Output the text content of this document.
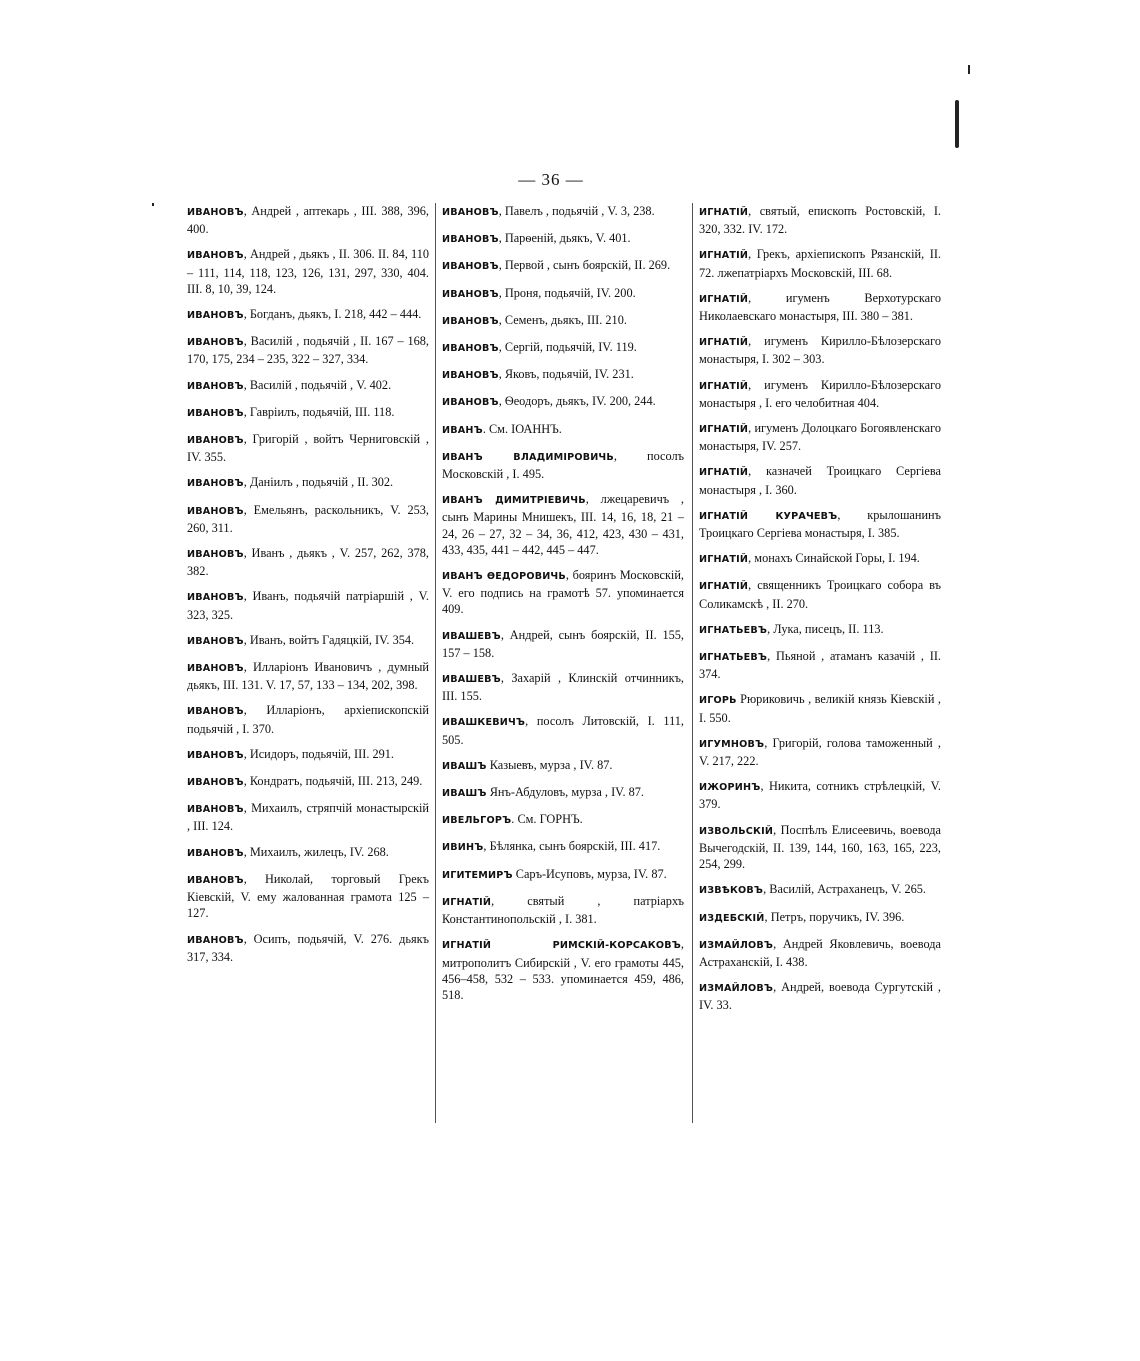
— 36 —

ИВАНОВЪ, Андрей , аптекарь , III. 388, 396, 400.

ИВАНОВЪ, Андрей , дьякъ , II. 306. II. 84, 110 – 111, 114, 118, 123, 126, 131, 297, 330, 404. III. 8, 10, 39, 124.

ИВАНОВЪ, Богданъ, дьякъ, I. 218, 442 – 444.

ИВАНОВЪ, Василій , подьячій , II. 167 – 168, 170, 175, 234 – 235, 322 – 327, 334.

ИВАНОВЪ, Василій , подьячій , V. 402.

ИВАНОВЪ, Гавріилъ, подьячій, III. 118.

ИВАНОВЪ, Григорій , войтъ Черниговскій , IV. 355.

ИВАНОВЪ, Даніилъ , подьячій , II. 302.

ИВАНОВЪ, Емельянъ, раскольникъ, V. 253, 260, 311.

ИВАНОВЪ, Иванъ , дьякъ , V. 257, 262, 378, 382.

ИВАНОВЪ, Иванъ, подьячій патріаршій , V. 323, 325.

ИВАНОВЪ, Иванъ, войтъ Гадяцкій, IV. 354.

ИВАНОВЪ, Илларіонъ Ивановичъ , думный дьякъ, III. 131. V. 17, 57, 133 – 134, 202, 398.

ИВАНОВЪ, Илларіонъ, архіепископскій подьячій , I. 370.

ИВАНОВЪ, Исидоръ, подьячій, III. 291.

ИВАНОВЪ, Кондратъ, подьячій, III. 213, 249.

ИВАНОВЪ, Михаилъ, стряпчій монастырскій , III. 124.

ИВАНОВЪ, Михаилъ, жилецъ, IV. 268.

ИВАНОВЪ, Николай, торговый Грекъ Кіевскій, V. ему жалованная грамота 125 – 127.

ИВАНОВЪ, Осипъ, подьячій, V. 276. дьякъ 317, 334.

ИВАНОВЪ, Павелъ , подьячій , V. 3, 238.

ИВАНОВЪ, Парѳеній, дьякъ, V. 401.

ИВАНОВЪ, Первой , сынъ боярскій, II. 269.

ИВАНОВЪ, Проня, подьячій, IV. 200.

ИВАНОВЪ, Семенъ, дьякъ, III. 210.

ИВАНОВЪ, Сергій, подьячій, IV. 119.

ИВАНОВЪ, Яковъ, подьячій, IV. 231.

ИВАНОВЪ, Ѳеодоръ, дьякъ, IV. 200, 244.

ИВАНЪ. См. ІОАННЪ.

ИВАНЪ ВЛАДИМІРОВИЧЬ, посолъ Московскій , I. 495.

ИВАНЪ ДИМИТРІЕВИЧЬ, лжецаревичъ , сынъ Марины Мнишекъ, III. 14, 16, 18, 21 – 24, 26 – 27, 32 – 34, 36, 412, 423, 430 – 431, 433, 435, 441 – 442, 445 – 447.

ИВАНЪ ѲЕДОРОВИЧЬ, бояринъ Московскій, V. его подпись на грамотѣ 57. упоминается 409.

ИВАШЕВЪ, Андрей, сынъ боярскій, II. 155, 157 – 158.

ИВАШЕВЪ, Захарій , Клинскій отчинникъ, III. 155.

ИВАШКЕВИЧЪ, посолъ Литовскій, I. 111, 505.

ИВАШЪ Казыевъ, мурза , IV. 87.

ИВАШЪ Янъ-Абдуловъ, мурза , IV. 87.

ИВЕЛЬГОРЪ. См. ГОРНЪ.

ИВИНЪ, Бѣлянка, сынъ боярскій, III. 417.

ИГИТЕМИРЪ Саръ-Исуповъ, мурза, IV. 87.

ИГНАТІЙ, святый , патріархъ Константинопольскій , I. 381.

ИГНАТІЙ РИМСКІЙ-КОРСАКОВЪ, митрополитъ Сибирскій , V. его грамоты 445, 456–458, 532 – 533. упоминается 459, 486, 518.

ИГНАТІЙ, святый, епископъ Ростовскій, I. 320, 332. IV. 172.

ИГНАТІЙ, Грекъ, архіепископъ Рязанскій, II. 72. лжепатріархъ Московскій, III. 68.

ИГНАТІЙ, игуменъ Верхотурскаго Николаевскаго монастыря, III. 380 – 381.

ИГНАТІЙ, игуменъ Кирилло-Бѣлозерскаго монастыря, I. 302 – 303.

ИГНАТІЙ, игуменъ Кирилло-Бѣлозерскаго монастыря , I. его челобитная 404.

ИГНАТІЙ, игуменъ Долоцкаго Богоявленскаго монастыря, IV. 257.

ИГНАТІЙ, казначей Троицкаго Сергіева монастыря , I. 360.

ИГНАТІЙ КУРАЧЕВЪ, крылошанинъ Троицкаго Сергіева монастыря, I. 385.

ИГНАТІЙ, монахъ Синайской Горы, I. 194.

ИГНАТІЙ, священникъ Троицкаго собора въ Соликамскѣ , II. 270.

ИГНАТЬЕВЪ, Лука, писецъ, II. 113.

ИГНАТЬЕВЪ, Пьяной , атаманъ казачій , II. 374.

ИГОРЬ Рюриковичь , великій князь Кіевскій , I. 550.

ИГУМНОВЪ, Григорій, голова таможенный , V. 217, 222.

ИЖОРИНЪ, Никита, сотникъ стрѣлецкій, V. 379.

ИЗВОЛЬСКІЙ, Поспѣлъ Елисеевичь, воевода Вычегодскій, II. 139, 144, 160, 163, 165, 223, 254, 299.

ИЗВѢКОВЪ, Василій, Астраханецъ, V. 265.

ИЗДЕБСКІЙ, Петръ, поручикъ, IV. 396.

ИЗМАЙЛОВЪ, Андрей Яковлевичь, воевода Астраханскій, I. 438.

ИЗМАЙЛОВЪ, Андрей, воевода Сургутскій , IV. 33.
